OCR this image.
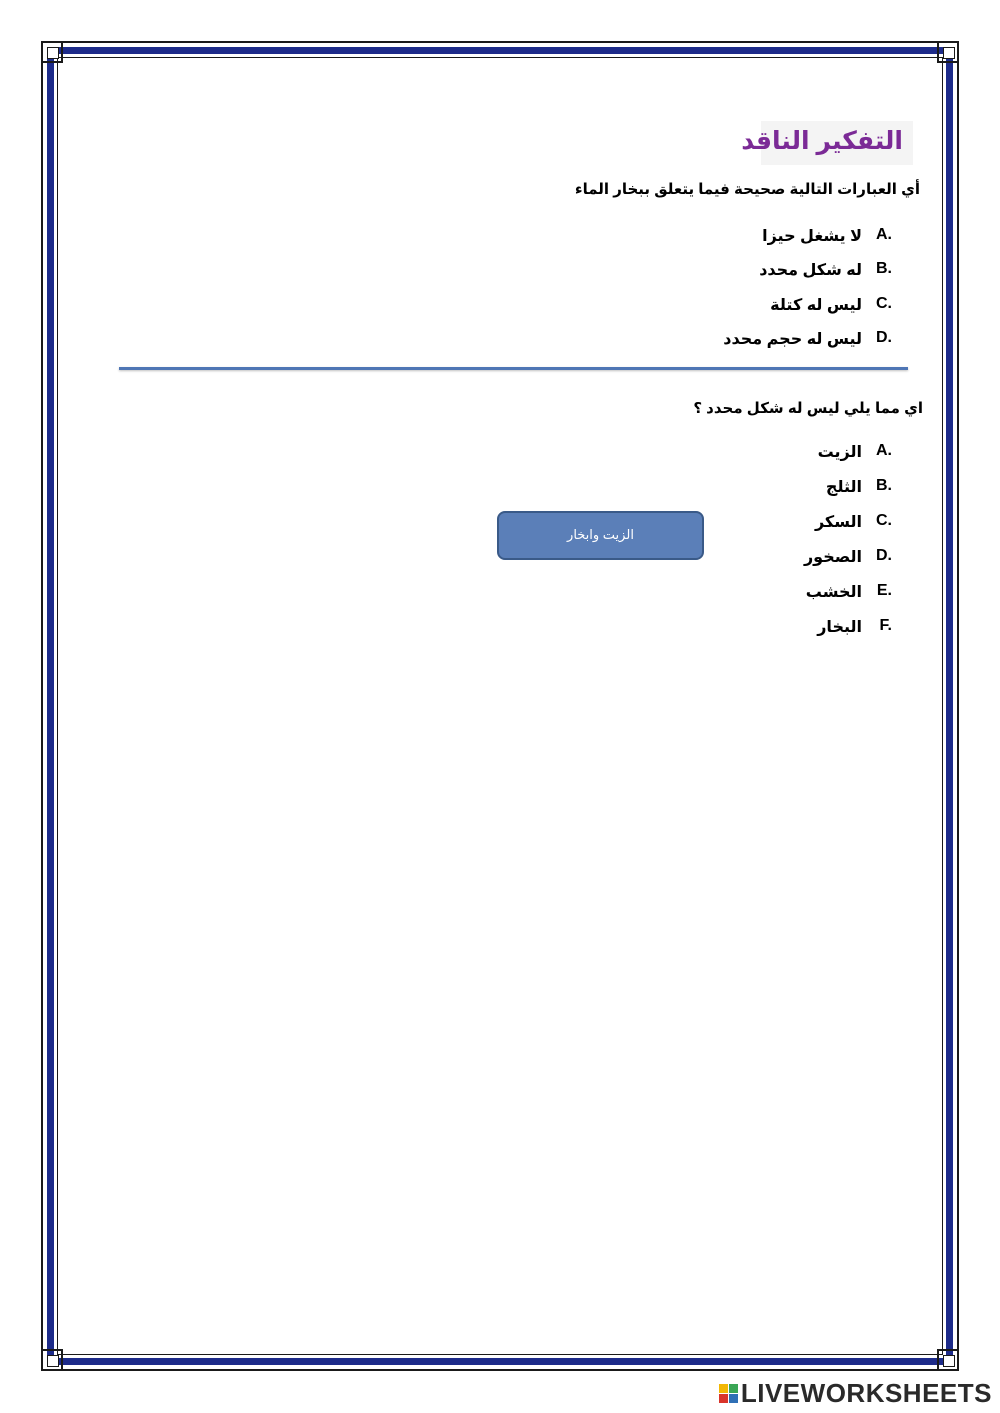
التفكير الناقد
أي العبارات التالية صحيحة فيما يتعلق ببخار الماء
A.
لا يشغل حيزا
B.
له شكل محدد
C.
ليس له كتلة
D.
ليس له حجم محدد
اي مما يلي ليس له شكل محدد ؟
A.
الزيت
B.
الثلج
C.
السكر
D.
الصخور
E.
الخشب
F.
البخار
الزيت وابخار
LIVEWORKSHEETS
